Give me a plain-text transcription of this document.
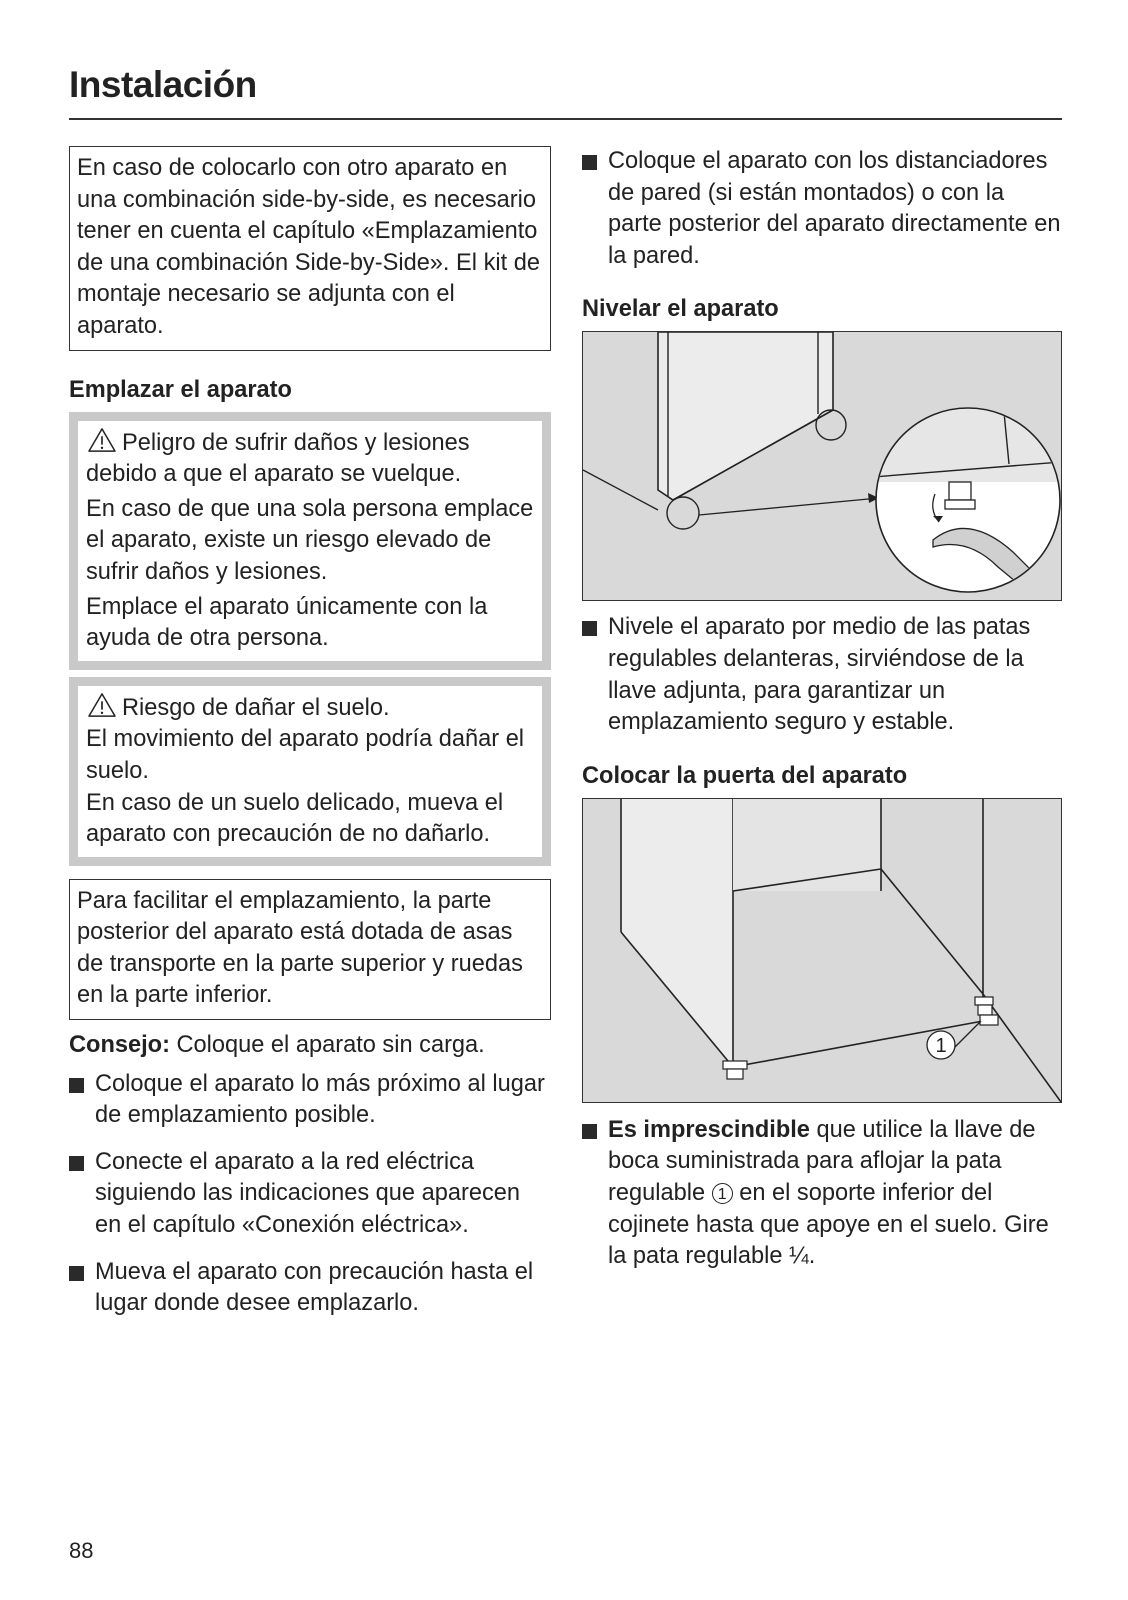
Instalación
En caso de colocarlo con otro aparato en una combinación side-by-side, es necesario tener en cuenta el capítulo «Emplazamiento de una combinación Side-by-Side». El kit de montaje necesario se adjunta con el aparato.
Emplazar el aparato

Peligro de sufrir daños y lesiones debido a que el aparato se vuelque.

En caso de que una sola persona emplace el aparato, existe un riesgo elevado de sufrir daños y lesiones.

Emplace el aparato únicamente con la ayuda de otra persona.

Riesgo de dañar el suelo.

El movimiento del aparato podría dañar el suelo.

En caso de un suelo delicado, mueva el aparato con precaución de no dañarlo.

Para facilitar el emplazamiento, la parte posterior del aparato está dotada de asas de transporte en la parte superior y ruedas en la parte inferior.
Consejo: Coloque el aparato sin carga.
Coloque el aparato lo más próximo al lugar de emplazamiento posible.
Conecte el aparato a la red eléctrica siguiendo las indicaciones que aparecen en el capítulo «Conexión eléctrica».
Mueva el aparato con precaución hasta el lugar donde desee emplazarlo.
Coloque el aparato con los distanciadores de pared (si están montados) o con la parte posterior del aparato directamente en la pared.
Nivelar el aparato
Nivele el aparato por medio de las patas regulables delanteras, sirviéndose de la llave adjunta, para garantizar un emplazamiento seguro y estable.
Colocar la puerta del aparato
1
Es imprescindible que utilice la llave de boca suministrada para aflojar la pata regulable 1 en el soporte inferior del cojinete hasta que apoye en el suelo. Gire la pata regulable ¼.
88
